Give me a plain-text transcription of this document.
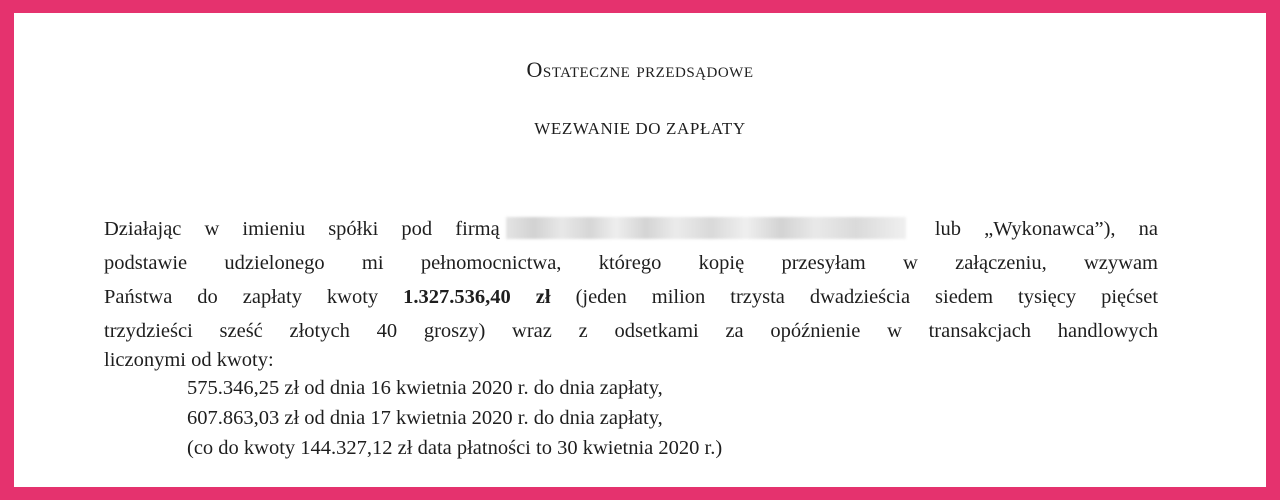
Ostateczne przedsądowe
WEZWANIE DO ZAPŁATY
Działając w imieniu spółki pod firmą	lub „Wykonawca”), na
podstawie udzielonego mi pełnomocnictwa, którego kopię przesyłam w załączeniu, wzywam
Państwa do zapłaty kwoty 1.327.536,40 zł (jeden milion trzysta dwadzieścia siedem tysięcy pięćset
trzydzieści sześć złotych 40 groszy) wraz z odsetkami za opóźnienie w transakcjach handlowych
liczonymi od kwoty:
575.346,25 zł od dnia 16 kwietnia 2020 r. do dnia zapłaty,
607.863,03 zł od dnia 17 kwietnia 2020 r. do dnia zapłaty,
(co do kwoty 144.327,12 zł data płatności to 30 kwietnia 2020 r.)
